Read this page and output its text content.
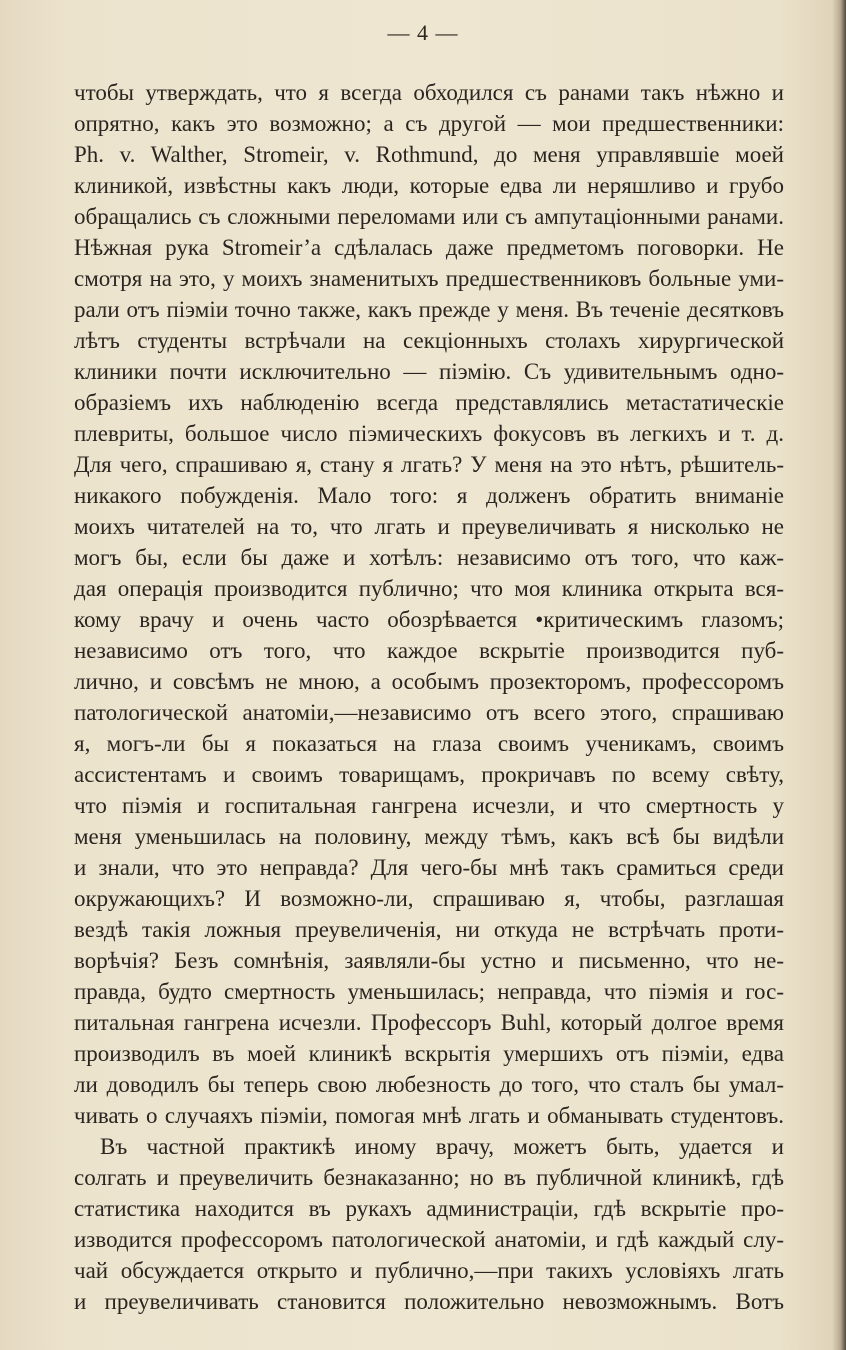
— 4 —
чтобы утверждать, что я всегда обходился съ ранами такъ нѣжно и
опрятно, какъ это возможно; а съ другой — мои предшественники:
Ph. v. Walther, Stromeir, v. Rothmund, до меня управлявшіе моей
клиникой, извѣстны какъ люди, которые едва ли неряшливо и грубо
обращались съ сложными переломами или съ ампутаціонными ранами.
Нѣжная рука Stromeir’а сдѣлалась даже предметомъ поговорки. Не
смотря на это, у моихъ знаменитыхъ предшественниковъ больные уми-
рали отъ піэміи точно также, какъ прежде у меня. Въ теченіе десятковъ
лѣтъ студенты встрѣчали на секціонныхъ столахъ хирургической
клиники почти исключительно — піэмію. Съ удивительнымъ одно-
образіемъ ихъ наблюденію всегда представлялись метастатическіе
плевриты, большое число піэмическихъ фокусовъ въ легкихъ и т. д.
Для чего, спрашиваю я, стану я лгать? У меня на это нѣтъ, рѣшитель-
никакого побужденія. Мало того: я долженъ обратить вниманіе
моихъ читателей на то, что лгать и преувеличивать я нисколько не
могъ бы, если бы даже и хотѣлъ: независимо отъ того, что каж-
дая операція производится публично; что моя клиника открыта вся-
кому врачу и очень часто обозрѣвается •критическимъ глазомъ;
независимо отъ того, что каждое вскрытіе производится пуб-
лично, и совсѣмъ не мною, а особымъ прозекторомъ, профессоромъ
патологической анатоміи,—независимо отъ всего этого, спрашиваю
я, могъ-ли бы я показаться на глаза своимъ ученикамъ, своимъ
ассистентамъ и своимъ товарищамъ, прокричавъ по всему свѣту,
что піэмія и госпитальная гангрена исчезли, и что смертность у
меня уменьшилась на половину, между тѣмъ, какъ всѣ бы видѣли
и знали, что это неправда? Для чего-бы мнѣ такъ срамиться среди
окружающихъ? И возможно-ли, спрашиваю я, чтобы, разглашая
вездѣ такія ложныя преувеличенія, ни откуда не встрѣчать проти-
ворѣчія? Безъ сомнѣнія, заявляли-бы устно и письменно, что не-
правда, будто смертность уменьшилась; неправда, что піэмія и гос-
питальная гангрена исчезли. Профессоръ Buhl, который долгое время
производилъ въ моей клиникѣ вскрытія умершихъ отъ піэміи, едва
ли доводилъ бы теперь свою любезность до того, что сталъ бы умал-
чивать о случаяхъ піэміи, помогая мнѣ лгать и обманывать студентовъ.
Въ частной практикѣ иному врачу, можетъ быть, удается и
солгать и преувеличить безнаказанно; но въ публичной клиникѣ, гдѣ
статистика находится въ рукахъ администраціи, гдѣ вскрытіе про-
изводится профессоромъ патологической анатоміи, и гдѣ каждый слу-
чай обсуждается открыто и публично,—при такихъ условіяхъ лгать
и преувеличивать становится положительно невозможнымъ. Вотъ
